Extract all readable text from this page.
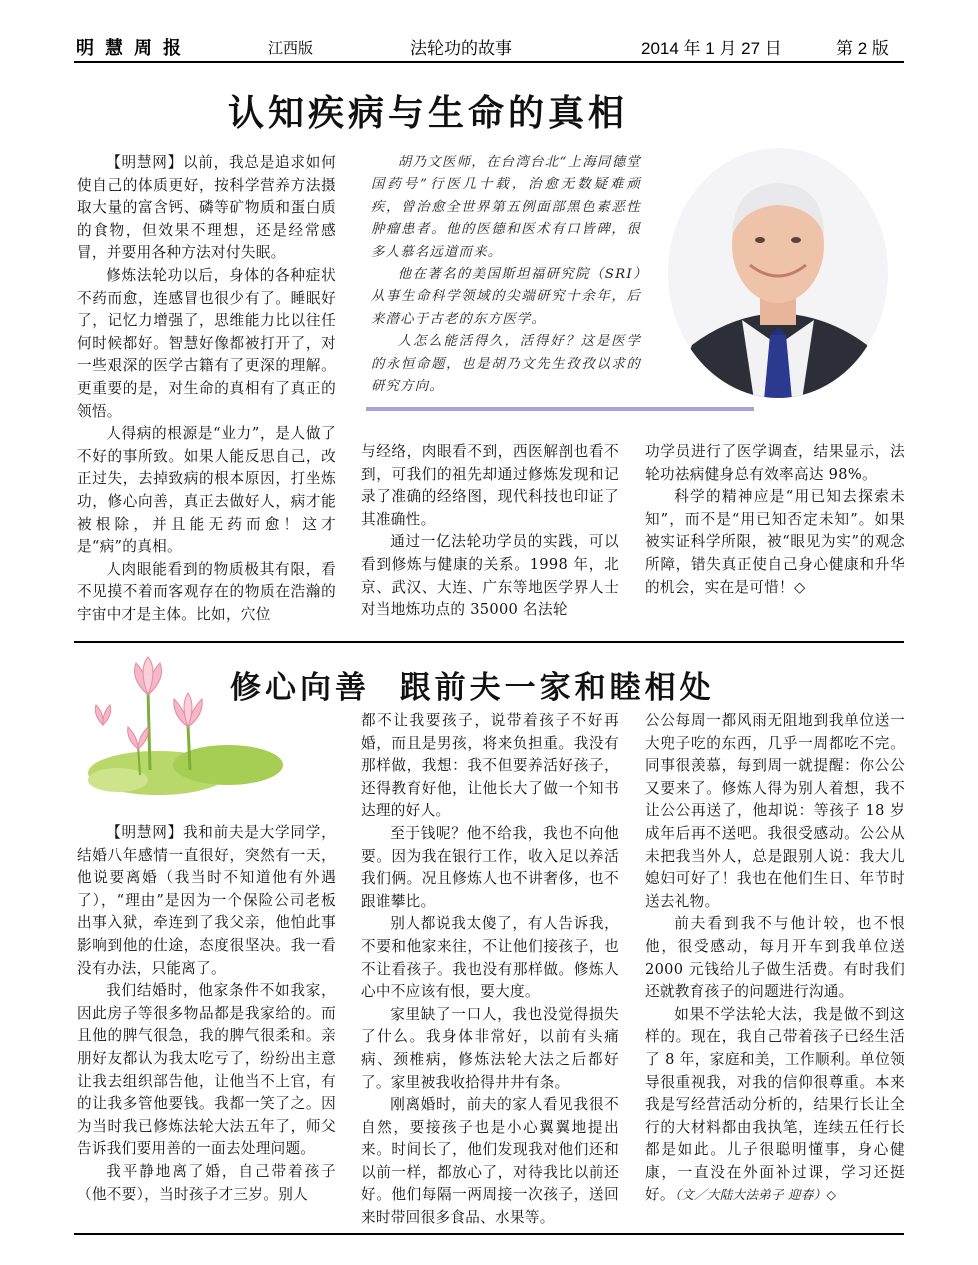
明 慧 周 报	江西版	法轮功的故事	2014 年 1 月 27 日	第 2 版
认知疾病与生命的真相

【明慧网】以前，我总是追求如何使自己的体质更好，按科学营养方法摄取大量的富含钙、磷等矿物质和蛋白质的食物，但效果不理想，还是经常感冒，并要用各种方法对付失眠。

修炼法轮功以后，身体的各种症状不药而愈，连感冒也很少有了。睡眠好了，记忆力增强了，思维能力比以往任何时候都好。智慧好像都被打开了，对一些艰深的医学古籍有了更深的理解。更重要的是，对生命的真相有了真正的领悟。

人得病的根源是“业力”，是人做了不好的事所致。如果人能反思自己，改正过失，去掉致病的根本原因，打坐炼功，修心向善，真正去做好人，病才能被根除，并且能无药而愈！这才是“病”的真相。

人肉眼能看到的物质极其有限，看不见摸不着而客观存在的物质在浩瀚的宇宙中才是主体。比如，穴位

胡乃文医师，在台湾台北“上海同德堂国药号”行医几十载，治愈无数疑难顽疾，曾治愈全世界第五例面部黑色素恶性肿瘤患者。他的医德和医术有口皆碑，很多人慕名远道而来。

他在著名的美国斯坦福研究院（SRI）从事生命科学领域的尖端研究十余年，后来潜心于古老的东方医学。

人怎么能活得久，活得好？这是医学的永恒命题，也是胡乃文先生孜孜以求的研究方向。

与经络，肉眼看不到，西医解剖也看不到，可我们的祖先却通过修炼发现和记录了准确的经络图，现代科技也印证了其准确性。

通过一亿法轮功学员的实践，可以看到修炼与健康的关系。1998 年，北京、武汉、大连、广东等地医学界人士对当地炼功点的 35000 名法轮

功学员进行了医学调查，结果显示，法轮功祛病健身总有效率高达 98%。

科学的精神应是“用已知去探索未知”，而不是“用已知否定未知”。如果被实证科学所限，被“眼见为实”的观念所障，错失真正使自己身心健康和升华的机会，实在是可惜！◇

修心向善  跟前夫一家和睦相处

【明慧网】我和前夫是大学同学，结婚八年感情一直很好，突然有一天，他说要离婚（我当时不知道他有外遇了），“理由”是因为一个保险公司老板出事入狱，牵连到了我父亲，他怕此事影响到他的仕途，态度很坚决。我一看没有办法，只能离了。

我们结婚时，他家条件不如我家，因此房子等很多物品都是我家给的。而且他的脾气很急，我的脾气很柔和。亲朋好友都认为我太吃亏了，纷纷出主意让我去组织部告他，让他当不上官，有的让我多管他要钱。我都一笑了之。因为当时我已修炼法轮大法五年了，师父告诉我们要用善的一面去处理问题。

我平静地离了婚，自己带着孩子（他不要），当时孩子才三岁。别人

都不让我要孩子，说带着孩子不好再婚，而且是男孩，将来负担重。我没有那样做，我想：我不但要养活好孩子，还得教育好他，让他长大了做一个知书达理的好人。

至于钱呢？他不给我，我也不向他要。因为我在银行工作，收入足以养活我们俩。况且修炼人也不讲奢侈，也不跟谁攀比。

别人都说我太傻了，有人告诉我，不要和他家来往，不让他们接孩子，也不让看孩子。我也没有那样做。修炼人心中不应该有恨，要大度。

家里缺了一口人，我也没觉得损失了什么。我身体非常好，以前有头痛病、颈椎病，修炼法轮大法之后都好了。家里被我收拾得井井有条。

刚离婚时，前夫的家人看见我很不自然，要接孩子也是小心翼翼地提出来。时间长了，他们发现我对他们还和以前一样，都放心了，对待我比以前还好。他们每隔一两周接一次孩子，送回来时带回很多食品、水果等。

公公每周一都风雨无阻地到我单位送一大兜子吃的东西，几乎一周都吃不完。同事很羡慕，每到周一就提醒：你公公又要来了。修炼人得为别人着想，我不让公公再送了，他却说：等孩子 18 岁成年后再不送吧。我很受感动。公公从未把我当外人，总是跟别人说：我大儿媳妇可好了！我也在他们生日、年节时送去礼物。

前夫看到我不与他计较，也不恨他，很受感动，每月开车到我单位送 2000 元钱给儿子做生活费。有时我们还就教育孩子的问题进行沟通。

如果不学法轮大法，我是做不到这样的。现在，我自己带着孩子已经生活了 8 年，家庭和美，工作顺利。单位领导很重视我，对我的信仰很尊重。本来我是写经营活动分析的，结果行长让全行的大材料都由我执笔，连续五任行长都是如此。儿子很聪明懂事，身心健康，一直没在外面补过课，学习还挺好。（文／大陆大法弟子 迎春）◇
